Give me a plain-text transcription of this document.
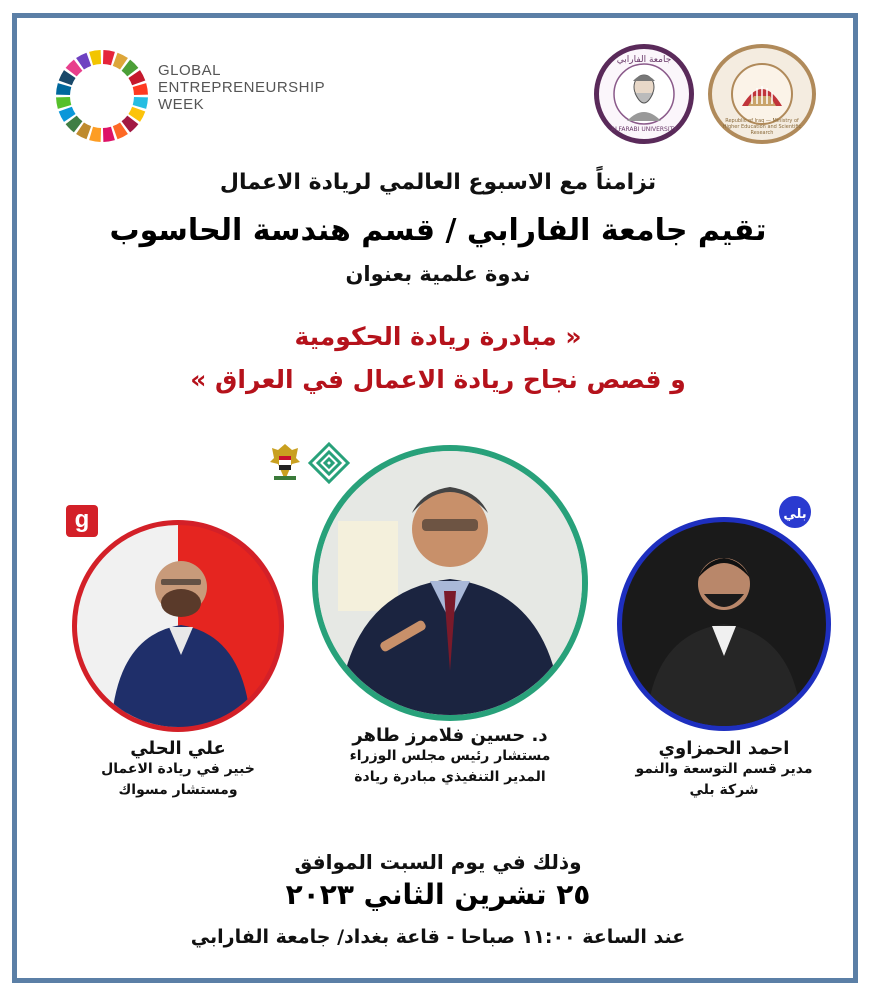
GLOBAL
ENTREPRENEURSHIP
WEEK
جامعة الفارابي
ALFARABI UNIVERSITY
Republic of Iraq — Ministry of Higher Education and Scientific Research
تزامناً مع الاسبوع العالمي لريادة الاعمال
تقيم جامعة الفارابي / قسم هندسة الحاسوب
ندوة علمية بعنوان
« مبادرة ريادة الحكومية
و قصص نجاح ريادة الاعمال في العراق »
g
علي الحلي
خبير في ريادة الاعمال
ومستشار مسواك
د. حسين فلامرز طاهر
مستشار رئيس مجلس الوزراء
المدير التنفيذي مبادرة ريادة
بلي
احمد الحمزاوي
مدير قسم التوسعة والنمو
شركة بلي
وذلك في يوم السبت الموافق
٢٥ تشرين الثاني ٢٠٢٣
عند الساعة ١١:٠٠ صباحا - قاعة بغداد/ جامعة الفارابي
